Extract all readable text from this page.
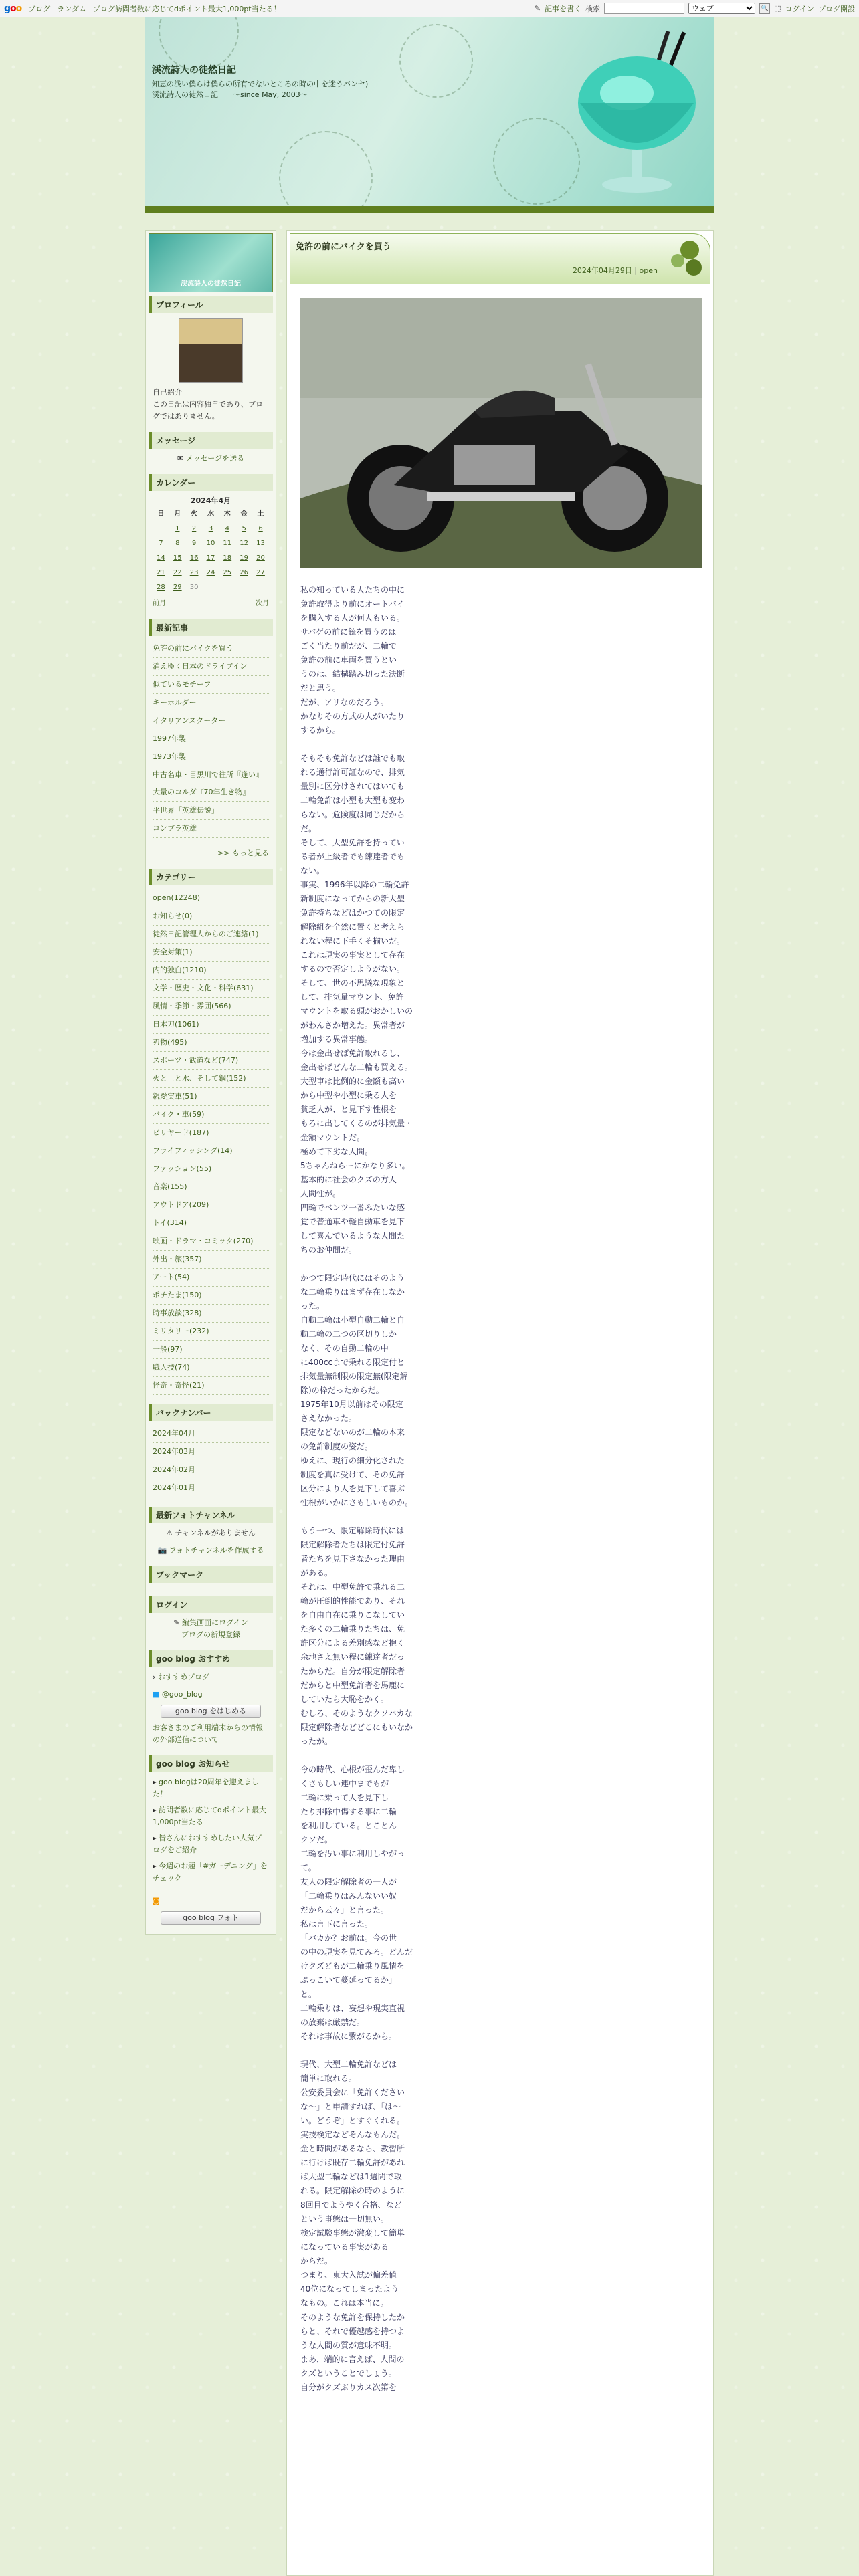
goo ブログ ランダム ブログ訪問者数に応じてdポイント最大1,000pt当たる！	✎ 記事を書く 検索
ウェブ	🔍 ⬚ ログイン ブログ開設
渓流詩人の徒然日記
知恵の浅い僕らは僕らの所有でないところの時の中を迷うバンセ)　渓流詩人の徒然日記　　～since May, 2003～
渓流詩人の徒然日記
プロフィール
自己紹介
この日記は内容独自であり、ブログではありません。
メッセージ
✉ メッセージを送る
カレンダー
2024年4月
日	月	火	水	木	金	土
	1	2	3	4	5	6
7	8	9	10	11	12	13
14	15	16	17	18	19	20
21	22	23	24	25	26	27
28	29	30				
前月	次月
最新記事
免許の前にバイクを買う
消えゆく日本のドライブイン
似ているモチーフ
キーホルダー
イタリアンスクーター
1997年製
1973年製
中古名車・目黒川で往所『逢い』　大量のコルダ『70年生き物』
平世界「英雄伝説」
コンブラ英雄
>> もっと見る
カテゴリー
open(12248)
お知らせ(0)
徒然日記管理人からのご連絡(1)
安全対策(1)
内的独白(1210)
文学・歴史・文化・科学(631)
風情・季節・雰囲(566)
日本刀(1061)
刃物(495)
スポーツ・武道など(747)
火と土と水、そして鋼(152)
親愛実車(51)
バイク・車(59)
ビリヤード(187)
フライフィッシング(14)
ファッション(55)
音楽(155)
アウトドア(209)
トイ(314)
映画・ドラマ・コミック(270)
外出・旅(357)
アート(54)
ポチたま(150)
時事放談(328)
ミリタリー(232)
一般(97)
職人技(74)
怪奇・奇怪(21)
バックナンバー
2024年04月
2024年03月
2024年02月
2024年01月
最新フォトチャンネル
⚠ チャンネルがありません
📷 フォトチャンネルを作成する
ブックマーク
ログイン
✎ 編集画面にログイン
ブログの新規登録
goo blog おすすめ
› おすすめブログ
■ @goo_blog
goo blog をはじめる
お客さまのご利用端末からの情報の外部送信について
goo blog お知らせ
▸ goo blogは20周年を迎えました！
▸ 訪問者数に応じてdポイント最大1,000pt当たる！
▸ 皆さんにおすすめしたい人気ブログをご紹介
▸ 今週のお題「#ガーデニング」をチェック
◙
goo blog フォト
免許の前にバイクを買う
2024年04月29日 | open
私の知っている人たちの中に
免許取得より前にオートバイ
を購入する人が何人もいる。
サバゲの前に銃を買うのは
ごく当たり前だが、二輪で
免許の前に車両を買うとい
うのは、結構踏み切った決断
だと思う。
だが、アリなのだろう。
かなりその方式の人がいたり
するから。

そもそも免許などは誰でも取
れる通行許可証なので、排気
量別に区分けされてはいても
二輪免許は小型も大型も変わ
らない。危険度は同じだから
だ。
そして、大型免許を持ってい
る者が上級者でも練達者でも
ない。
事実、1996年以降の二輪免許
新制度になってからの新大型
免許持ちなどはかつての限定
解除組を全然に置くと考えら
れない程に下手くそ揃いだ。
これは現実の事実として存在
するので否定しようがない。
そして、世の不思議な現象と
して、排気量マウント、免許
マウントを取る頭がおかしいの
がわんさか増えた。異常者が
増加する異常事態。
今は金出せば免許取れるし、
金出せばどんな二輪も買える。
大型車は比例的に金額も高い
から中型や小型に乗る人を
貧乏人が、と見下す性根を
もろに出してくるのが排気量・
金額マウントだ。
極めて下劣な人間。
5ちゃんねらーにかなり多い。
基本的に社会のクズの方人
人間性が。
四輪でベンツ一番みたいな感
覚で普通車や軽自動車を見下
して喜んでいるような人間た
ちのお仲間だ。

かつて限定時代にはそのよう
な二輪乗りはまず存在しなか
った。
自動二輪は小型自動二輪と自
動二輪の二つの区切りしか
なく、その自動二輪の中
に400ccまで乗れる限定付と
排気量無制限の限定無(限定解
除)の枠だったからだ。
1975年10月以前はその限定
さえなかった。
限定などないのが二輪の本来
の免許制度の姿だ。
ゆえに、現行の細分化された
制度を真に受けて、その免許
区分により人を見下して喜ぶ
性根がいかにさもしいものか。

もう一つ、限定解除時代には
限定解除者たちは限定付免許
者たちを見下さなかった理由
がある。
それは、中型免許で乗れる二
輪が圧倒的性能であり、それ
を自由自在に乗りこなしてい
た多くの二輪乗りたちは、免
許区分による差別感など抱く
余地さえ無い程に練達者だっ
たからだ。自分が限定解除者
だからと中型免許者を馬鹿に
していたら大恥をかく。
むしろ、そのようなクソバカな
限定解除者などどこにもいなか
ったが。

今の時代、心根が歪んだ卑し
くさもしい連中までもが
二輪に乗って人を見下し
たり排除中傷する事に二輪
を利用している。とことん
クソだ。
二輪を汚い事に利用しやがっ
て。
友人の限定解除者の一人が
「二輪乗りはみんないい奴
だから云々」と言った。
私は言下に言った。
「バカか？お前は。今の世
の中の現実を見てみろ。どんだ
けクズどもが二輪乗り風情を
ぶっこいて蔓延ってるか」
と。
二輪乗りは、妄想や現実直視
の放棄は厳禁だ。
それは事故に繋がるから。

現代、大型二輪免許などは
簡単に取れる。
公安委員会に「免許ください
な～」と申請すれば、「は～
い。どうぞ」とすぐくれる。
実技検定などそんなもんだ。
金と時間があるなら、教習所
に行けば既存二輪免許があれ
ば大型二輪などは1週間で取
れる。限定解除の時のように
8回目でようやく合格、など
という事態は一切無い。
検定試験事態が激変して簡単
になっている事実がある
からだ。
つまり、東大入試が偏差値
40位になってしまったよう
なもの。これは本当に。
そのような免許を保持したか
らと、それで優越感を持つよ
うな人間の質が意味不明。
まあ、端的に言えば、人間の
クズということでしょう。
自分がクズぶりカス次第を
